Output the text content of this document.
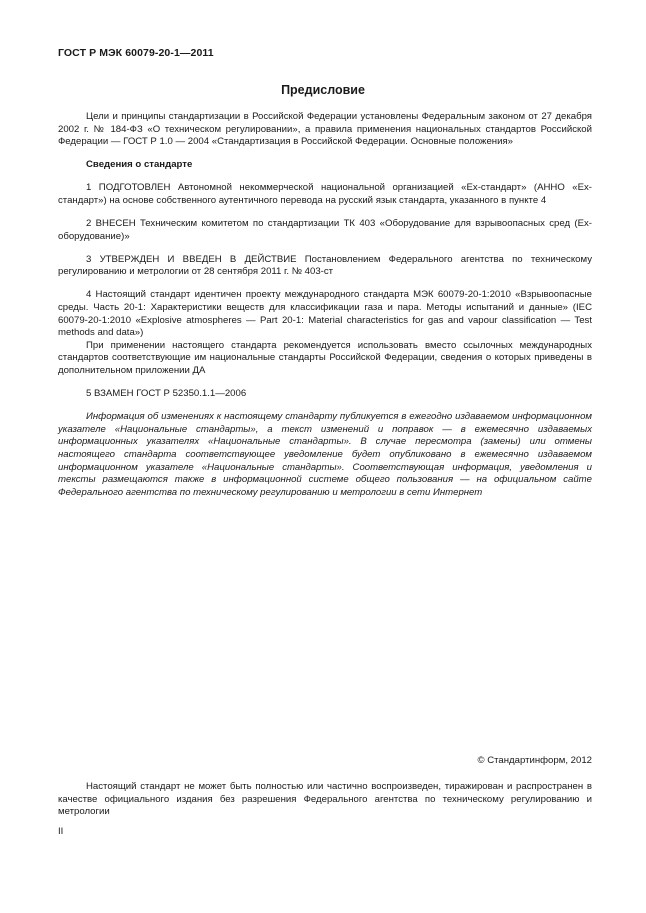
ГОСТ Р МЭК 60079-20-1—2011
Предисловие

Цели и принципы стандартизации в Российской Федерации установлены Федеральным законом от 27 декабря 2002 г. № 184-ФЗ «О техническом регулировании», а правила применения национальных стандартов Российской Федерации — ГОСТ Р 1.0 — 2004 «Стандартизация в Российской Федерации. Основные положения»

Сведения о стандарте

1 ПОДГОТОВЛЕН Автономной некоммерческой национальной организацией «Ех-стандарт» (АННО «Ех-стандарт») на основе собственного аутентичного перевода на русский язык стандарта, указанного в пункте 4

2 ВНЕСЕН Техническим комитетом по стандартизации ТК 403 «Оборудование для взрывоопасных сред (Ех-оборудование)»

3 УТВЕРЖДЕН И ВВЕДЕН В ДЕЙСТВИЕ Постановлением Федерального агентства по техническому регулированию и метрологии от 28 сентября 2011 г. № 403-ст

4 Настоящий стандарт идентичен проекту международного стандарта МЭК 60079-20-1:2010 «Взрывоопасные среды. Часть 20-1: Характеристики веществ для классификации газа и пара. Методы испытаний и данные» (IEC 60079-20-1:2010 «Explosive atmospheres — Part 20-1: Material characteristics for gas and vapour classification — Test methods and data»)

При применении настоящего стандарта рекомендуется использовать вместо ссылочных международных стандартов соответствующие им национальные стандарты Российской Федерации, сведения о которых приведены в дополнительном приложении ДА

5 ВЗАМЕН ГОСТ Р 52350.1.1—2006

Информация об изменениях к настоящему стандарту публикуется в ежегодно издаваемом информационном указателе «Национальные стандарты», а текст изменений и поправок — в ежемесячно издаваемых информационных указателях «Национальные стандарты». В случае пересмотра (замены) или отмены настоящего стандарта соответствующее уведомление будет опубликовано в ежемесячно издаваемом информационном указателе «Национальные стандарты». Соответствующая информация, уведомления и тексты размещаются также в информационной системе общего пользования — на официальном сайте Федерального агентства по техническому регулированию и метрологии в сети Интернет

© Стандартинформ, 2012

Настоящий стандарт не может быть полностью или частично воспроизведен, тиражирован и распространен в качестве официального издания без разрешения Федерального агентства по техническому регулированию и метрологии

II
